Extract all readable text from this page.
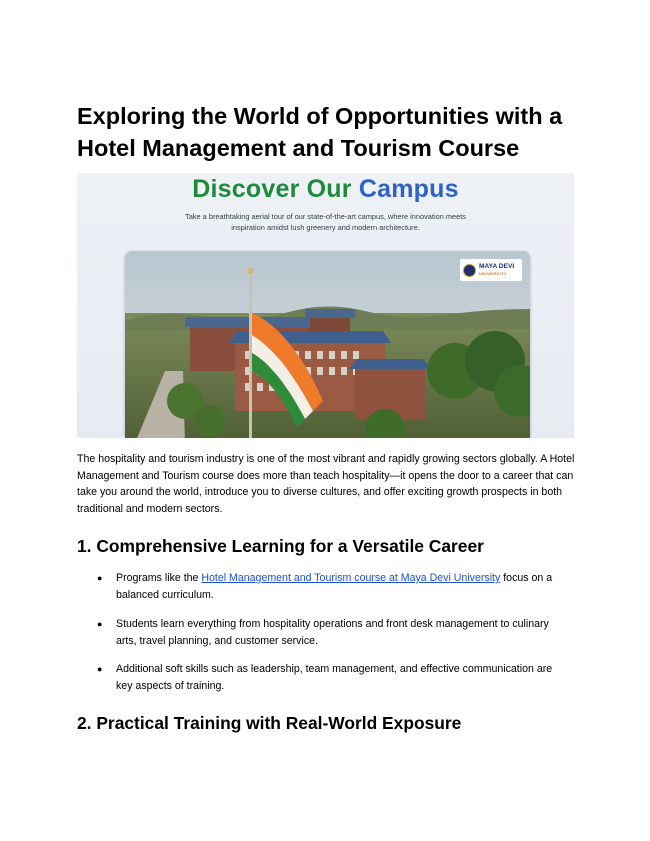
Exploring the World of Opportunities with a Hotel Management and Tourism Course
Discover Our Campus
Take a breathtaking aerial tour of our state-of-the-art campus, where innovation meets inspiration amidst lush greenery and modern architecture.
MAYA DEVI
UNIVERSITY

The hospitality and tourism industry is one of the most vibrant and rapidly growing sectors globally. A Hotel Management and Tourism course does more than teach hospitality—it opens the door to a career that can take you around the world, introduce you to diverse cultures, and offer exciting growth prospects in both traditional and modern sectors.

1. Comprehensive Learning for a Versatile Career
● Programs like the Hotel Management and Tourism course at Maya Devi University focus on a balanced curriculum.
● Students learn everything from hospitality operations and front desk management to culinary arts, travel planning, and customer service.
● Additional soft skills such as leadership, team management, and effective communication are key aspects of training.
2. Practical Training with Real-World Exposure
